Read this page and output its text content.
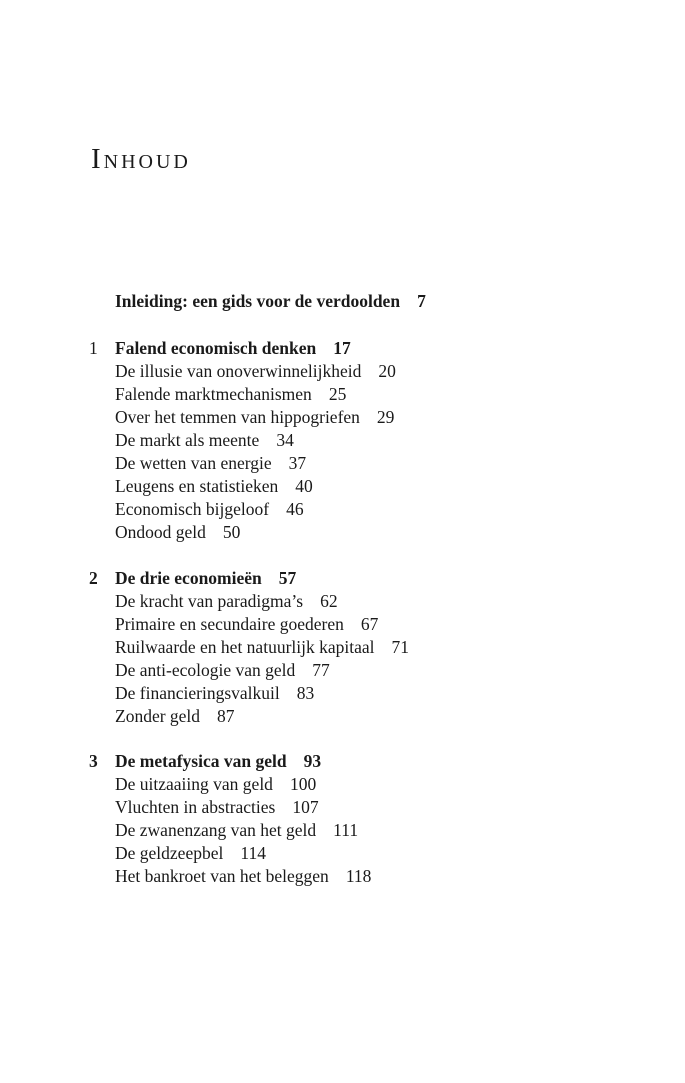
Inhoud
Inleiding: een gids voor de verdoolden 7
1 Falend economisch denken 17
De illusie van onoverwinnelijkheid 20
Falende marktmechanismen 25
Over het temmen van hippogriefen 29
De markt als meente 34
De wetten van energie 37
Leugens en statistieken 40
Economisch bijgeloof 46
Ondood geld 50
2 De drie economieën 57
De kracht van paradigma’s 62
Primaire en secundaire goederen 67
Ruilwaarde en het natuurlijk kapitaal 71
De anti-ecologie van geld 77
De financieringsvalkuil 83
Zonder geld 87
3 De metafysica van geld 93
De uitzaaiing van geld 100
Vluchten in abstracties 107
De zwanenzang van het geld 111
De geldzeepbel 114
Het bankroet van het beleggen 118
